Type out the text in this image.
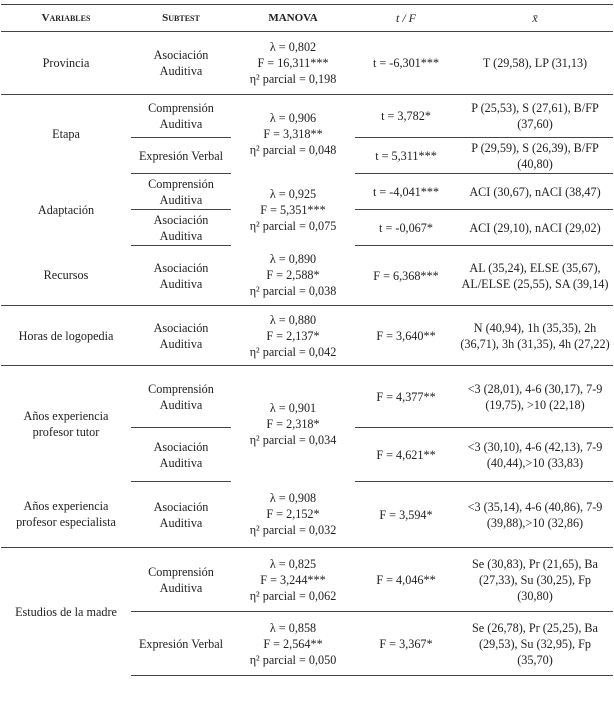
Variables	Subtest	MANOVA	t / F	x̄
Provincia	Asociación Auditiva	λ = 0,802
F = 16,311***
η² parcial = 0,198	t = -6,301***	T (29,58), LP (31,13)
Etapa	Comprensión Auditiva	λ = 0,906
F = 3,318**
η² parcial = 0,048	t = 3,782*	P (25,53), S (27,61), B/FP (37,60)
	Expresión Verbal		t = 5,311***	P (29,59), S (26,39), B/FP (40,80)
Adaptación	Comprensión Auditiva	λ = 0,925
F = 5,351***
η² parcial = 0,075	t = -4,041***	ACI (30,67), nACI (38,47)
	Asociación Auditiva		t = -0,067*	ACI (29,10), nACI (29,02)
Recursos	Asociación Auditiva	λ = 0,890
F = 2,588*
η² parcial = 0,038	F = 6,368***	AL (35,24), ELSE (35,67), AL/ELSE (25,55), SA (39,14)
Horas de logopedia	Asociación Auditiva	λ = 0,880
F = 2,137*
η² parcial = 0,042	F = 3,640**	N (40,94), 1h (35,35), 2h (36,71), 3h (31,35), 4h (27,22)
Años experiencia profesor tutor	Comprensión Auditiva	λ = 0,901
F = 2,318*
η² parcial = 0,034	F = 4,377**	<3 (28,01), 4-6 (30,17), 7-9 (19,75), >10 (22,18)
	Asociación Auditiva		F = 4,621**	<3 (30,10), 4-6 (42,13), 7-9 (40,44),>10 (33,83)
Años experiencia profesor especialista	Asociación Auditiva	λ = 0,908
F = 2,152*
η² parcial = 0,032	F = 3,594*	<3 (35,14), 4-6 (40,86), 7-9 (39,88),>10 (32,86)
Estudios de la madre	Comprensión Auditiva	λ = 0,825
F = 3,244***
η² parcial = 0,062	F = 4,046**	Se (30,83), Pr (21,65), Ba (27,33), Su (30,25), Fp (30,80)
	Expresión Verbal	λ = 0,858
F = 2,564**
η² parcial = 0,050	F = 3,367*	Se (26,78), Pr (25,25), Ba (29,53), Su (32,95), Fp (35,70)
